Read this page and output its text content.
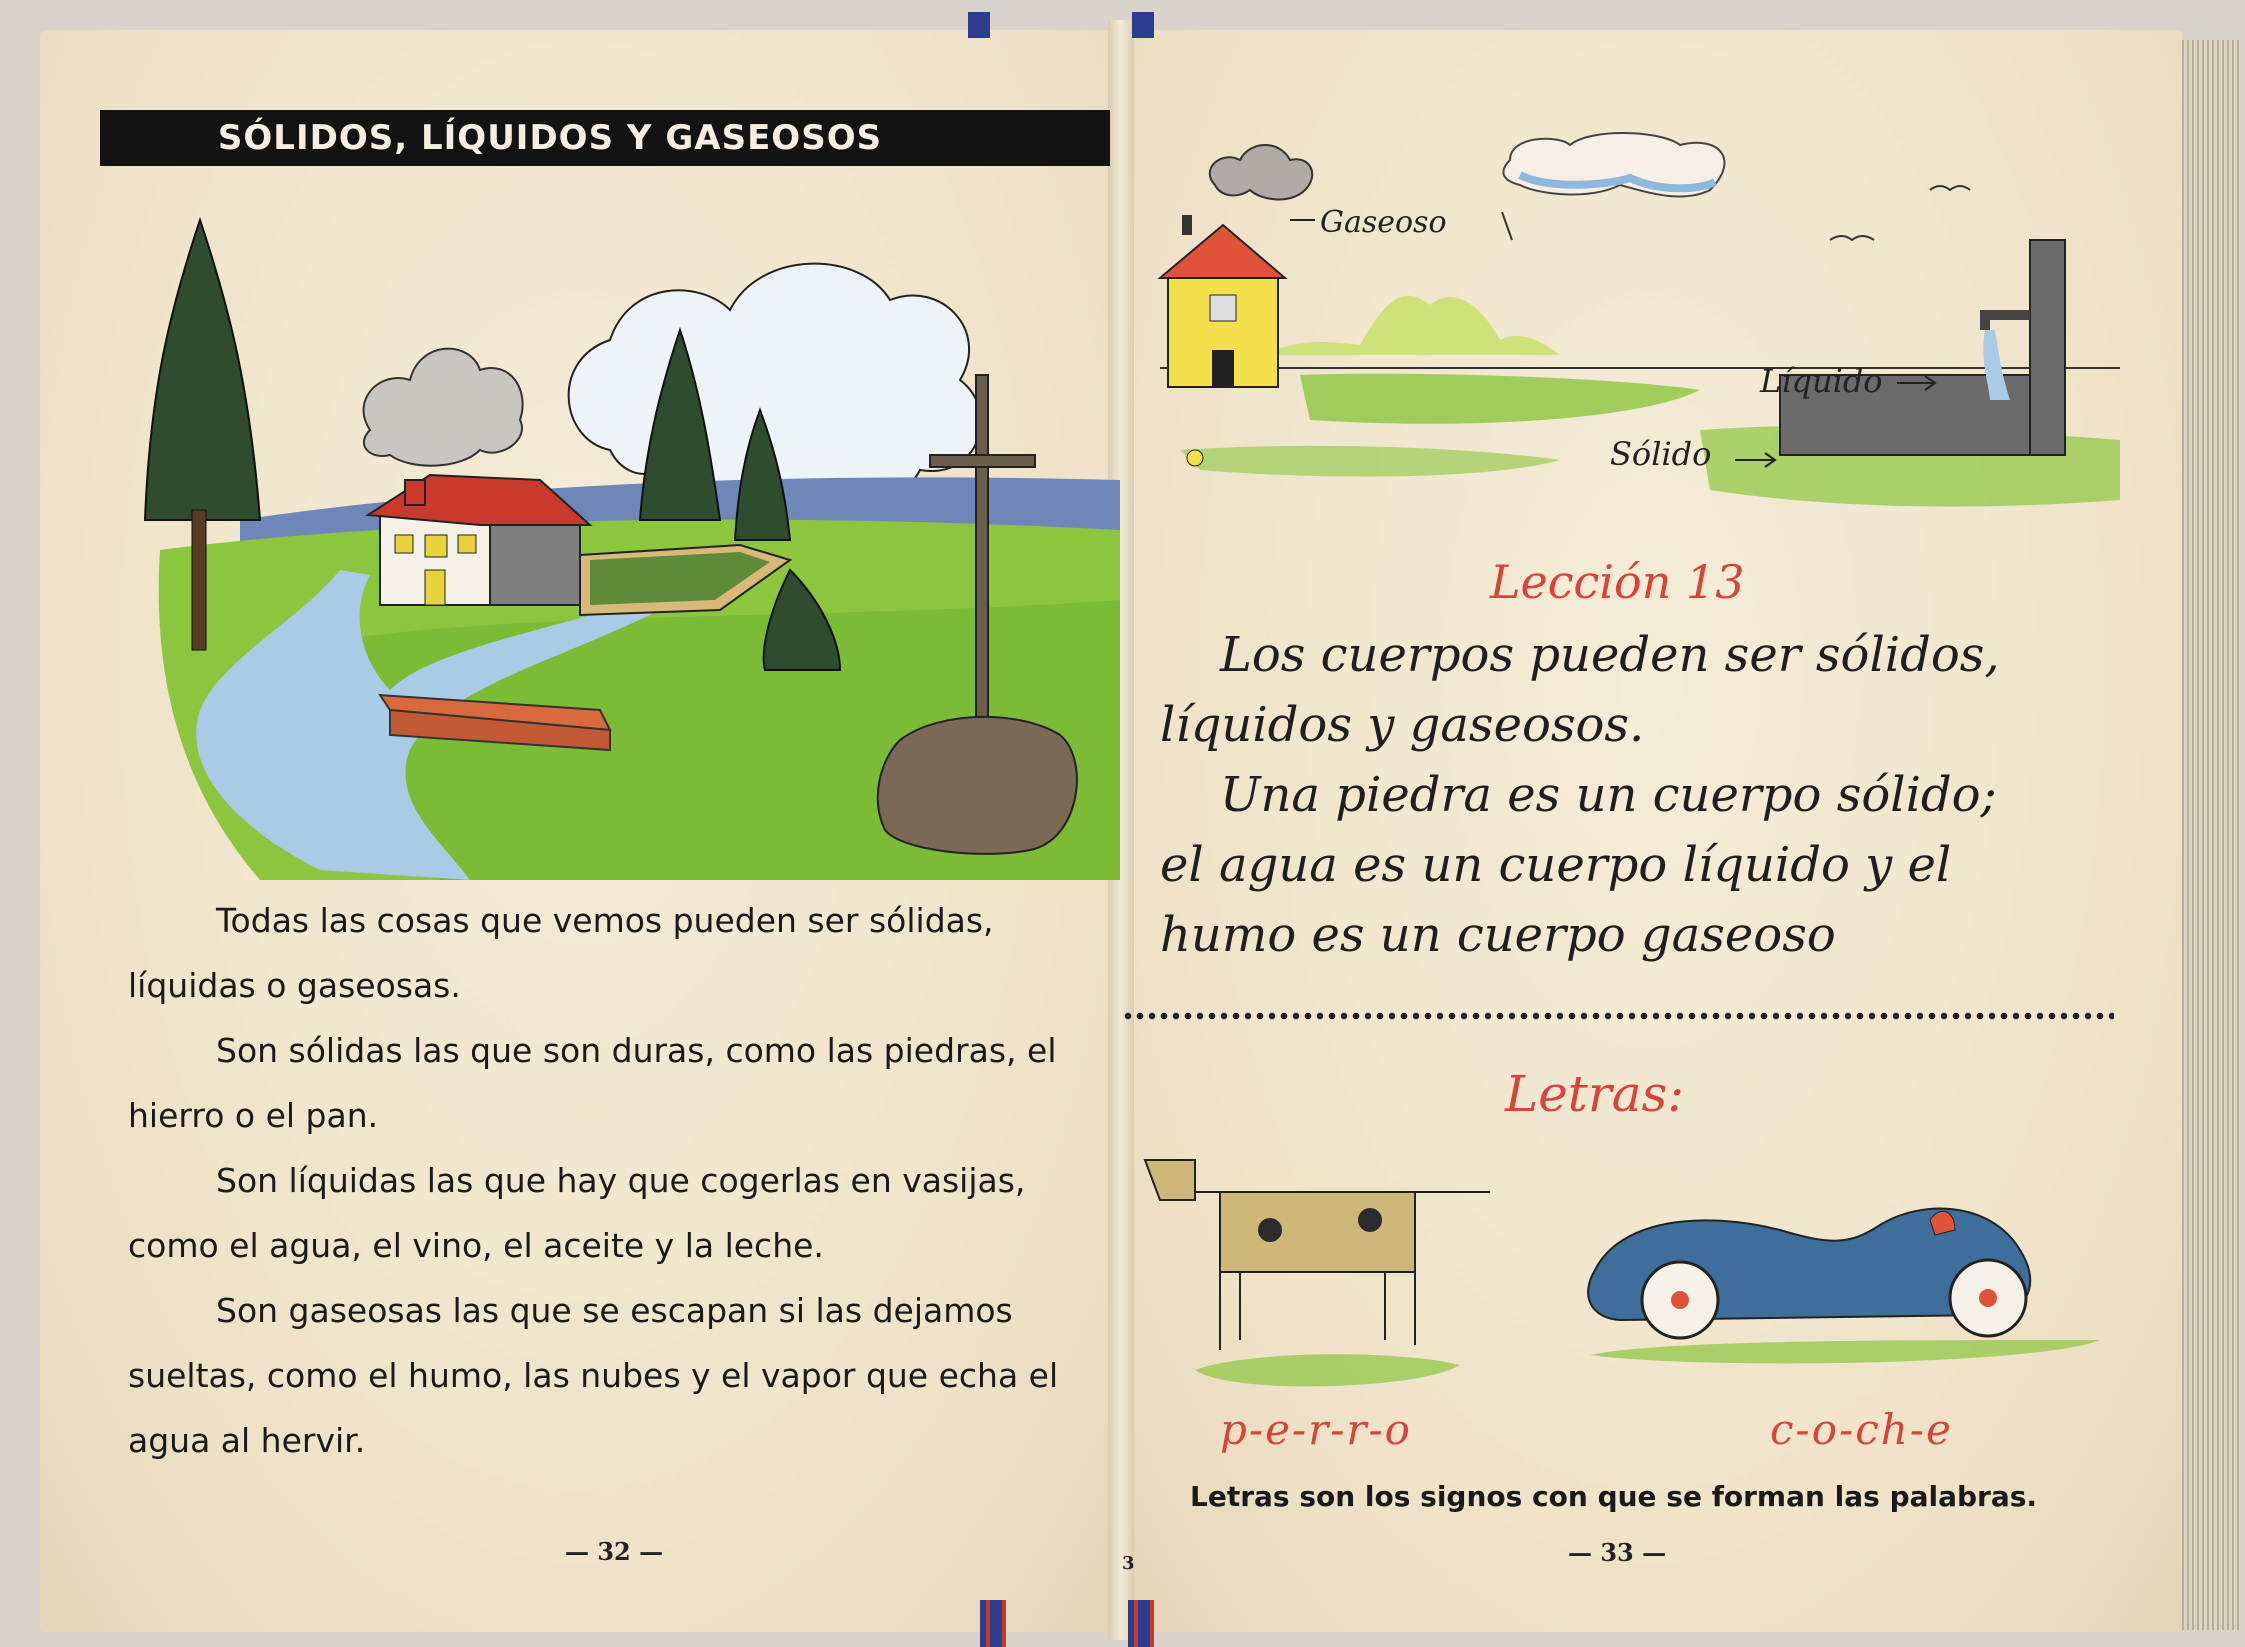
SÓLIDOS, LÍQUIDOS Y GASEOSOS

Todas las cosas que vemos pueden ser sólidas, líquidas o gaseosas.

Son sólidas las que son duras, como las piedras, el hierro o el pan.

Son líquidas las que hay que cogerlas en vasijas, como el agua, el vino, el aceite y la leche.

Son gaseosas las que se escapan si las dejamos sueltas, como el humo, las nubes y el vapor que echa el agua al hervir.

— 32 —	3
Gaseoso
Líquido
Sólido
Lección 13
Los cuerpos pueden ser sólidos,
líquidos y gaseosos.
Una piedra es un cuerpo sólido;
el agua es un cuerpo líquido y el
humo es un cuerpo gaseoso
Letras:
p-e-r-r-o	c-o-ch-e
Letras son los signos con que se forman las palabras.
— 33 —
